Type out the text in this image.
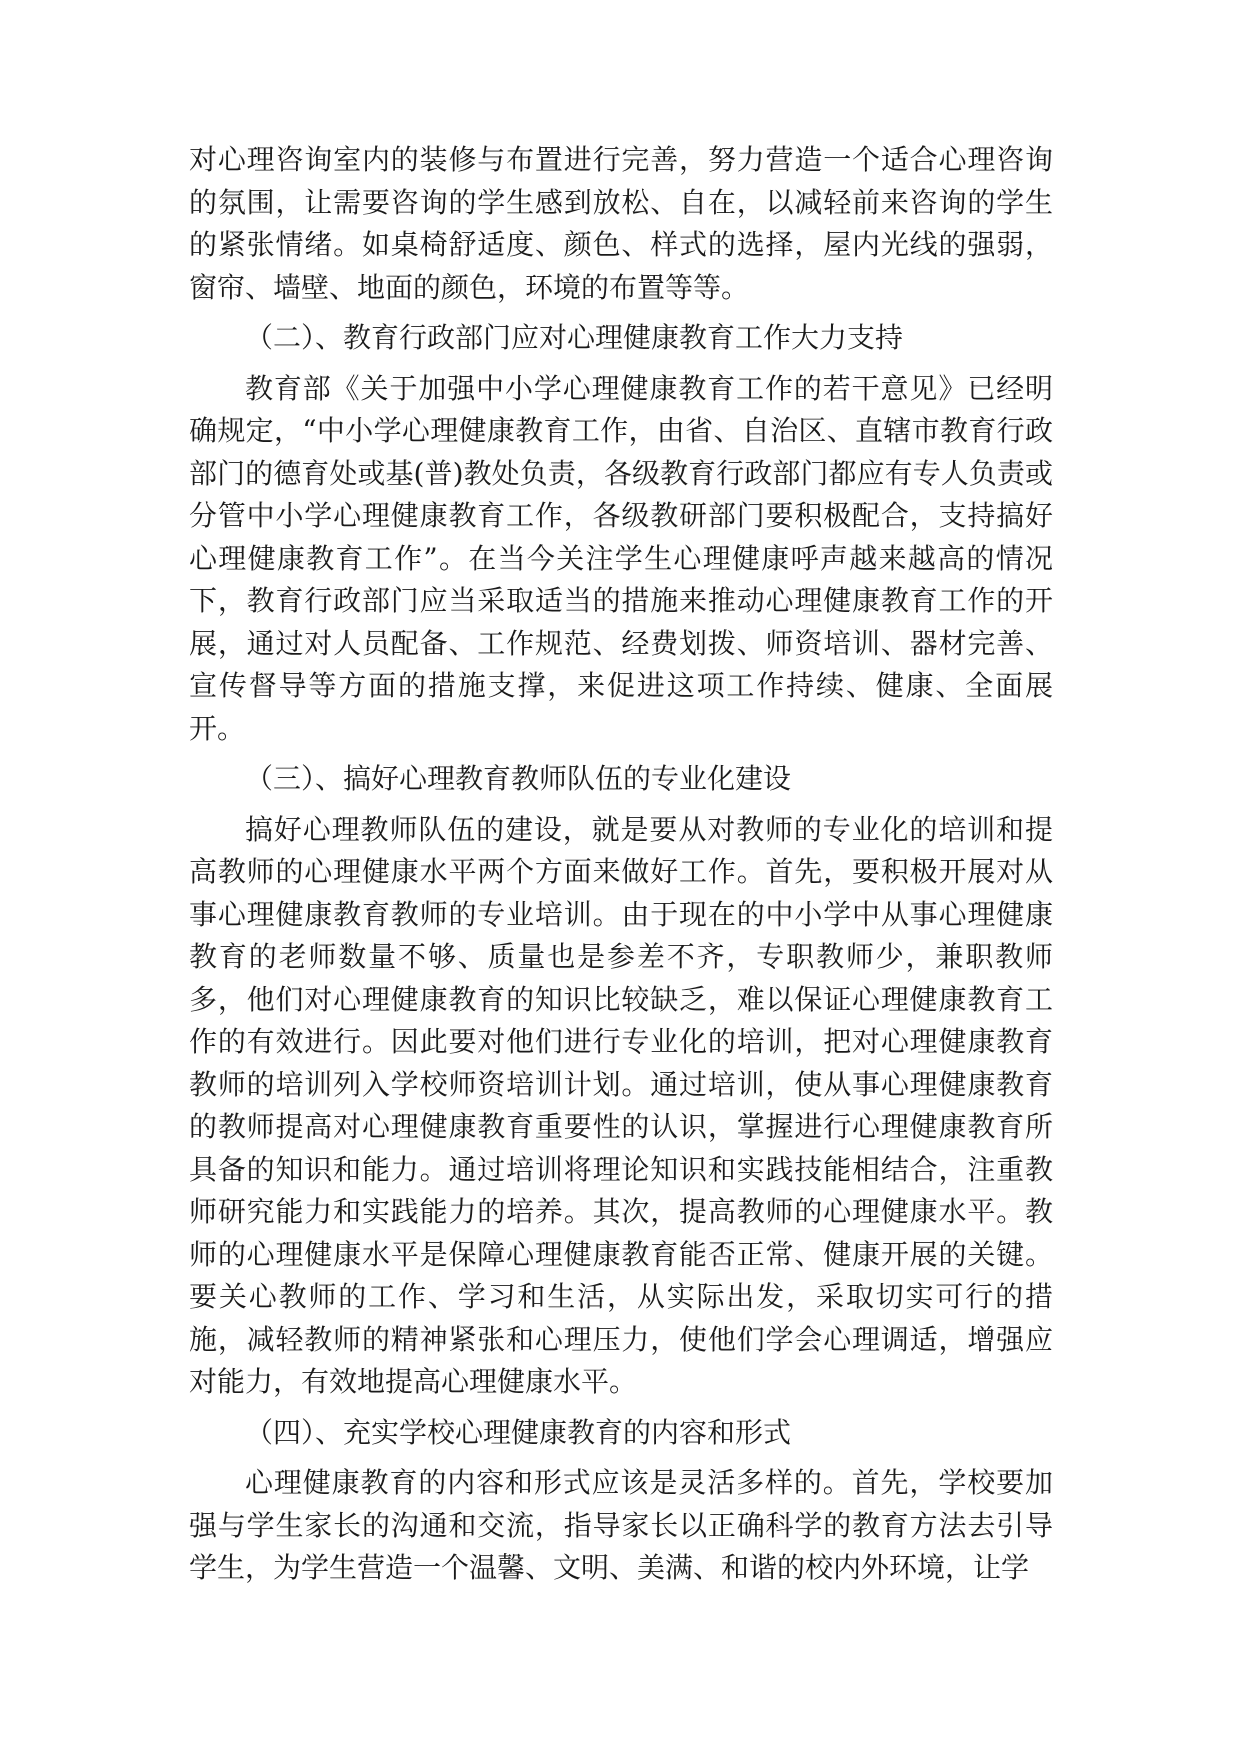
对心理咨询室内的装修与布置进行完善，努力营造一个适合心理咨询的氛围，让需要咨询的学生感到放松、自在，以减轻前来咨询的学生的紧张情绪。如桌椅舒适度、颜色、样式的选择，屋内光线的强弱，窗帘、墙壁、地面的颜色，环境的布置等等。

（二）、教育行政部门应对心理健康教育工作大力支持

教育部《关于加强中小学心理健康教育工作的若干意见》已经明确规定，“中小学心理健康教育工作，由省、自治区、直辖市教育行政部门的德育处或基(普)教处负责，各级教育行政部门都应有专人负责或分管中小学心理健康教育工作，各级教研部门要积极配合，支持搞好心理健康教育工作”。在当今关注学生心理健康呼声越来越高的情况下，教育行政部门应当采取适当的措施来推动心理健康教育工作的开展，通过对人员配备、工作规范、经费划拨、师资培训、器材完善、宣传督导等方面的措施支撑，来促进这项工作持续、健康、全面展开。

（三）、搞好心理教育教师队伍的专业化建设

搞好心理教师队伍的建设，就是要从对教师的专业化的培训和提高教师的心理健康水平两个方面来做好工作。首先，要积极开展对从事心理健康教育教师的专业培训。由于现在的中小学中从事心理健康教育的老师数量不够、质量也是参差不齐，专职教师少，兼职教师多，他们对心理健康教育的知识比较缺乏，难以保证心理健康教育工作的有效进行。因此要对他们进行专业化的培训，把对心理健康教育教师的培训列入学校师资培训计划。通过培训，使从事心理健康教育的教师提高对心理健康教育重要性的认识，掌握进行心理健康教育所具备的知识和能力。通过培训将理论知识和实践技能相结合，注重教师研究能力和实践能力的培养。其次，提高教师的心理健康水平。教师的心理健康水平是保障心理健康教育能否正常、健康开展的关键。要关心教师的工作、学习和生活，从实际出发，采取切实可行的措施，减轻教师的精神紧张和心理压力，使他们学会心理调适，增强应对能力，有效地提高心理健康水平。

（四）、充实学校心理健康教育的内容和形式

心理健康教育的内容和形式应该是灵活多样的。首先，学校要加强与学生家长的沟通和交流，指导家长以正确科学的教育方法去引导学生，为学生营造一个温馨、文明、美满、和谐的校内外环境，让学
